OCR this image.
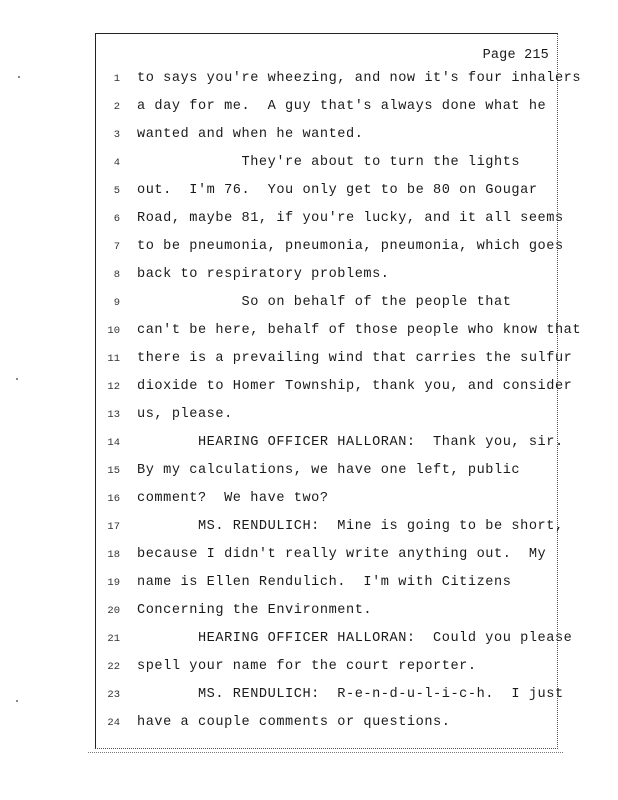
Page 215
1 to says you're wheezing, and now it's four inhalers
2 a day for me.  A guy that's always done what he
3 wanted and when he wanted.
4 They're about to turn the lights
5 out.  I'm 76.  You only get to be 80 on Gougar
6 Road, maybe 81, if you're lucky, and it all seems
7 to be pneumonia, pneumonia, pneumonia, which goes
8 back to respiratory problems.
9 So on behalf of the people that
10 can't be here, behalf of those people who know that
11 there is a prevailing wind that carries the sulfur
12 dioxide to Homer Township, thank you, and consider
13 us, please.
14 HEARING OFFICER HALLORAN:  Thank you, sir.
15 By my calculations, we have one left, public
16 comment?  We have two?
17 MS. RENDULICH:  Mine is going to be short,
18 because I didn't really write anything out.  My
19 name is Ellen Rendulich.  I'm with Citizens
20 Concerning the Environment.
21 HEARING OFFICER HALLORAN:  Could you please
22 spell your name for the court reporter.
23 MS. RENDULICH:  R-e-n-d-u-l-i-c-h.  I just
24 have a couple comments or questions.
